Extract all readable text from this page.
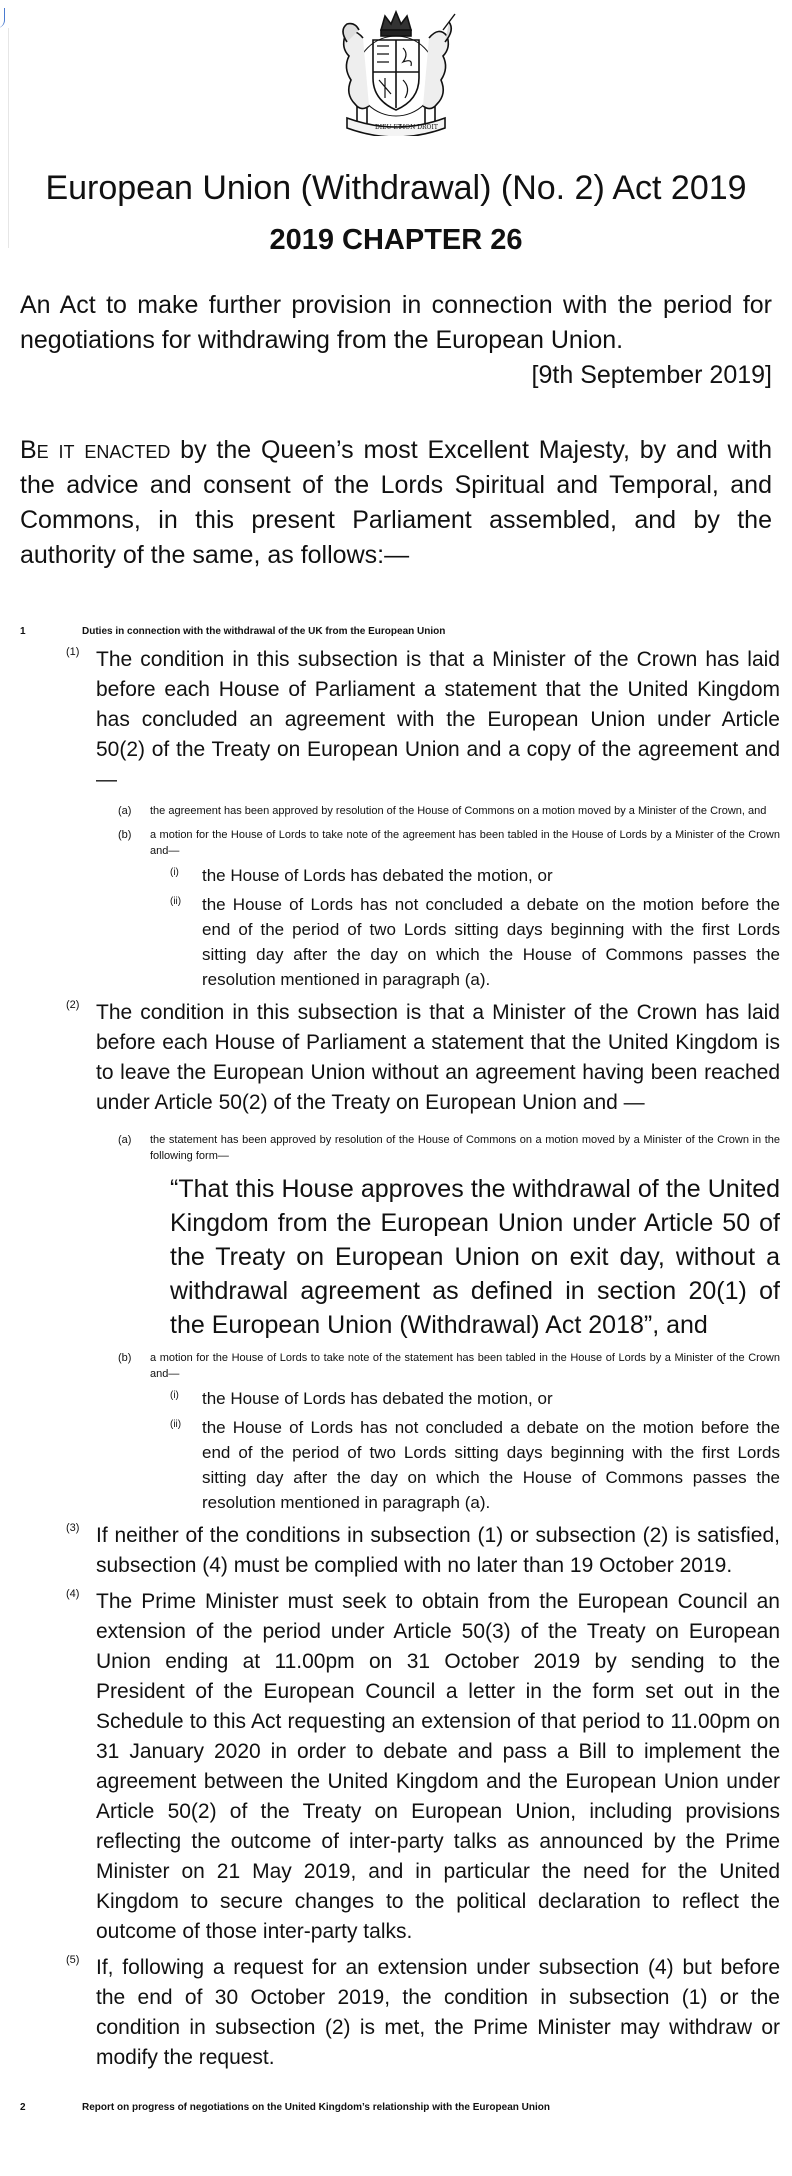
DIEU ET
MON DROIT
European Union (Withdrawal) (No. 2) Act 2019
2019 CHAPTER 26
An Act to make further provision in connection with the period for negotiations for withdrawing from the European Union.
[9th September 2019]
Be it enacted by the Queen’s most Excellent Majesty, by and with the advice and consent of the Lords Spiritual and Temporal, and Commons, in this present Parliament assembled, and by the authority of the same, as follows:—
1	Duties in connection with the withdrawal of the UK from the European Union
(1) The condition in this subsection is that a Minister of the Crown has laid before each House of Parliament a statement that the United Kingdom has concluded an agreement with the European Union under Article 50(2) of the Treaty on European Union and a copy of the agreement and—
(a)	the agreement has been approved by resolution of the House of Commons on a motion moved by a Minister of the Crown, and
(b)	a motion for the House of Lords to take note of the agreement has been tabled in the House of Lords by a Minister of the Crown and—
(i)	the House of Lords has debated the motion, or
(ii)	the House of Lords has not concluded a debate on the motion before the end of the period of two Lords sitting days beginning with the first Lords sitting day after the day on which the House of Commons passes the resolution mentioned in paragraph (a).
(2) The condition in this subsection is that a Minister of the Crown has laid before each House of Parliament a statement that the United Kingdom is to leave the European Union without an agreement having been reached under Article 50(2) of the Treaty on European Union and —
(a)	the statement has been approved by resolution of the House of Commons on a motion moved by a Minister of the Crown in the following form—
“That this House approves the withdrawal of the United Kingdom from the European Union under Article 50 of the Treaty on European Union on exit day, without a withdrawal agreement as defined in section 20(1) of the European Union (Withdrawal) Act 2018”, and
(b)	a motion for the House of Lords to take note of the statement has been tabled in the House of Lords by a Minister of the Crown and—
(i)	the House of Lords has debated the motion, or
(ii)	the House of Lords has not concluded a debate on the motion before the end of the period of two Lords sitting days beginning with the first Lords sitting day after the day on which the House of Commons passes the resolution mentioned in paragraph (a).
(3) If neither of the conditions in subsection (1) or subsection (2) is satisfied, subsection (4) must be complied with no later than 19 October 2019.
(4) The Prime Minister must seek to obtain from the European Council an extension of the period under Article 50(3) of the Treaty on European Union ending at 11.00pm on 31 October 2019 by sending to the President of the European Council a letter in the form set out in the Schedule to this Act requesting an extension of that period to 11.00pm on 31 January 2020 in order to debate and pass a Bill to implement the agreement between the United Kingdom and the European Union under Article 50(2) of the Treaty on European Union, including provisions reflecting the outcome of inter-party talks as announced by the Prime Minister on 21 May 2019, and in particular the need for the United Kingdom to secure changes to the political declaration to reflect the outcome of those inter-party talks.
(5) If, following a request for an extension under subsection (4) but before the end of 30 October 2019, the condition in subsection (1) or the condition in subsection (2) is met, the Prime Minister may withdraw or modify the request.
2	Report on progress of negotiations on the United Kingdom’s relationship with the European Union
